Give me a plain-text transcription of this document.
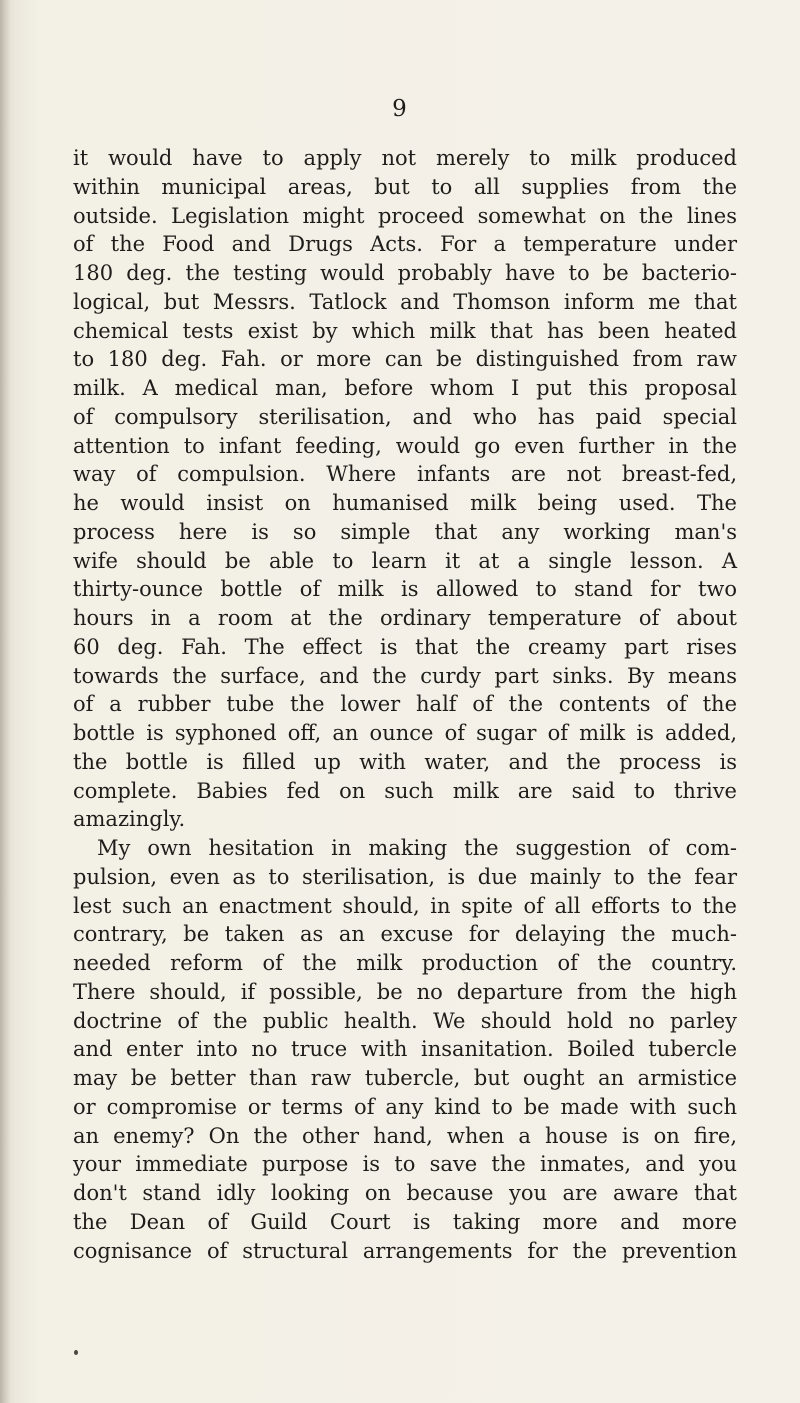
9
it would have to apply not merely to milk produced
within municipal areas, but to all supplies from the
outside. Legislation might proceed somewhat on the lines
of the Food and Drugs Acts. For a temperature under
180 deg. the testing would probably have to be bacterio-
logical, but Messrs. Tatlock and Thomson inform me that
chemical tests exist by which milk that has been heated
to 180 deg. Fah. or more can be distinguished from raw
milk. A medical man, before whom I put this proposal
of compulsory sterilisation, and who has paid special
attention to infant feeding, would go even further in the
way of compulsion. Where infants are not breast-fed,
he would insist on humanised milk being used. The
process here is so simple that any working man's
wife should be able to learn it at a single lesson. A
thirty-ounce bottle of milk is allowed to stand for two
hours in a room at the ordinary temperature of about
60 deg. Fah. The effect is that the creamy part rises
towards the surface, and the curdy part sinks. By means
of a rubber tube the lower half of the contents of the
bottle is syphoned off, an ounce of sugar of milk is added,
the bottle is filled up with water, and the process is
complete. Babies fed on such milk are said to thrive
amazingly.
My own hesitation in making the suggestion of com-
pulsion, even as to sterilisation, is due mainly to the fear
lest such an enactment should, in spite of all efforts to the
contrary, be taken as an excuse for delaying the much-
needed reform of the milk production of the country.
There should, if possible, be no departure from the high
doctrine of the public health. We should hold no parley
and enter into no truce with insanitation. Boiled tubercle
may be better than raw tubercle, but ought an armistice
or compromise or terms of any kind to be made with such
an enemy? On the other hand, when a house is on fire,
your immediate purpose is to save the inmates, and you
don't stand idly looking on because you are aware that
the Dean of Guild Court is taking more and more
cognisance of structural arrangements for the prevention
